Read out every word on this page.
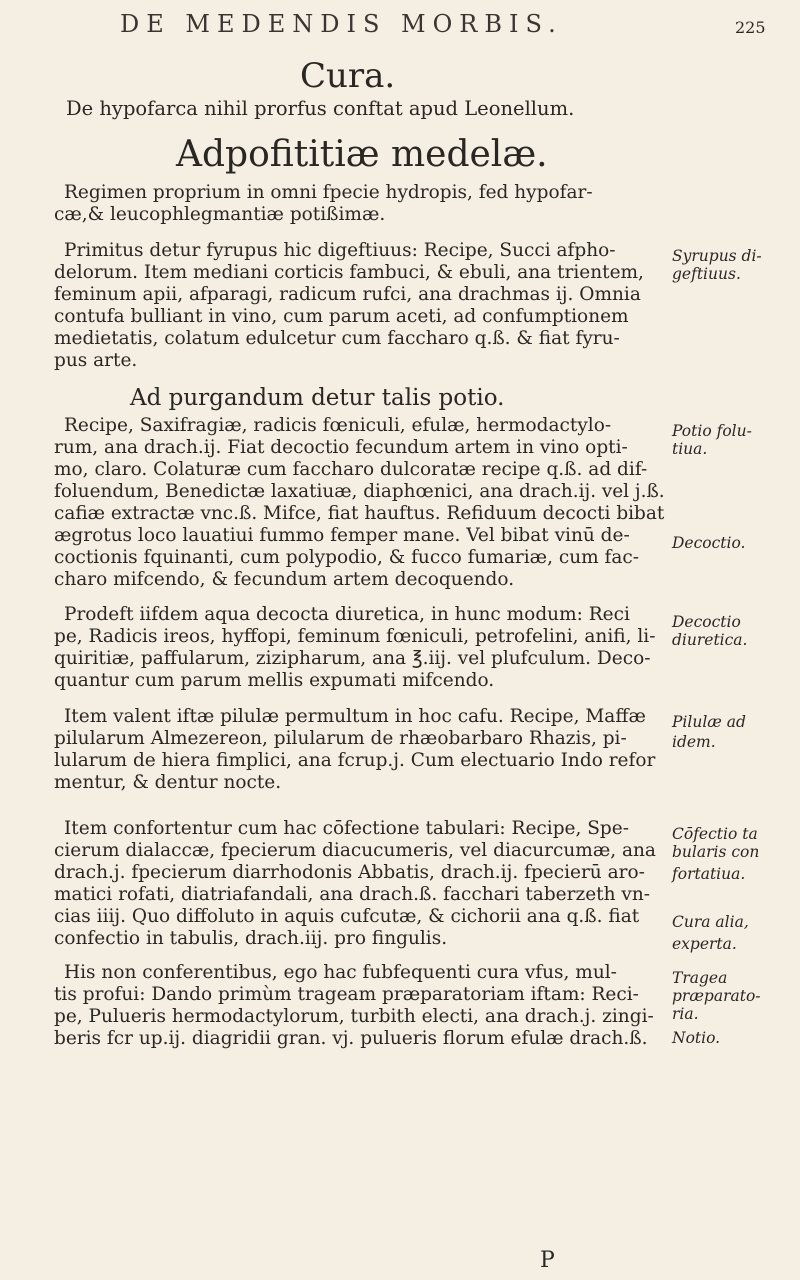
DE MEDENDIS MORBIS.	225
Cura.
De hypofarca nihil prorfus conftat apud Leonellum.
Adpofititiæ medelæ.
Ad purgandum detur talis potio.
Regimen proprium in omni fpecie hydropis, fed hypofar-
cæ,& leucophlegmantiæ potißimæ.
Primitus detur fyrupus hic digeftiuus: Recipe, Succi afpho-
delorum. Item mediani corticis fambuci, & ebuli, ana trientem,
feminum apii, afparagi, radicum rufci, ana drachmas ij. Omnia
contufa bulliant in vino, cum parum aceti, ad confumptionem
medietatis, colatum edulcetur cum faccharo q.ß. & fiat fyru-
pus arte.
Recipe, Saxifragiæ, radicis fœniculi, efulæ, hermodactylo-
rum, ana drach.ij. Fiat decoctio fecundum artem in vino opti-
mo, claro. Colaturæ cum faccharo dulcoratæ recipe q.ß. ad dif-
foluendum, Benedictæ laxatiuæ, diaphœnici, ana drach.ij. vel j.ß.
cafiæ extractæ vnc.ß. Mifce, fiat hauftus. Refiduum decocti bibat
ægrotus loco lauatiui fummo femper mane. Vel bibat vinū de-
coctionis fquinanti, cum polypodio, & fucco fumariæ, cum fac-
charo mifcendo, & fecundum artem decoquendo.
Prodeft iifdem aqua decocta diuretica, in hunc modum: Reci
pe, Radicis ireos, hyffopi, feminum fœniculi, petrofelini, anifi, li-
quiritiæ, paffularum, zizipharum, ana ℥.iij. vel plufculum. Deco-
quantur cum parum mellis expumati mifcendo.
Item valent iftæ pilulæ permultum in hoc cafu. Recipe, Maffæ
pilularum Almezereon, pilularum de rhæobarbaro Rhazis, pi-
lularum de hiera fimplici, ana fcrup.j. Cum electuario Indo refor
mentur, & dentur nocte.
Item confortentur cum hac cōfectione tabulari: Recipe, Spe-
cierum dialaccæ, fpecierum diacucumeris, vel diacurcumæ, ana
drach.j. fpecierum diarrhodonis Abbatis, drach.ij. fpecierū aro-
matici rofati, diatriafandali, ana drach.ß. facchari taberzeth vn-
cias iiij. Quo diffoluto in aquis cufcutæ, & cichorii ana q.ß. fiat
confectio in tabulis, drach.iij. pro fingulis.
His non conferentibus, ego hac fubfequenti cura vfus, mul-
tis profui: Dando primùm trageam præparatoriam iftam: Reci-
pe, Pulueris hermodactylorum, turbith electi, ana drach.j. zingi-
beris fcr up.ij. diagridii gran. vj. pulueris florum efulæ drach.ß.
Syrupus di-
geftiuus.
Potio folu-
tiua.
Decoctio.
Decoctio
diuretica.
Pilulæ ad
idem.
Cōfectio ta
bularis con
fortatiua.
Cura alia,
experta.
Tragea
præparato-
ria.
Notio.
P
